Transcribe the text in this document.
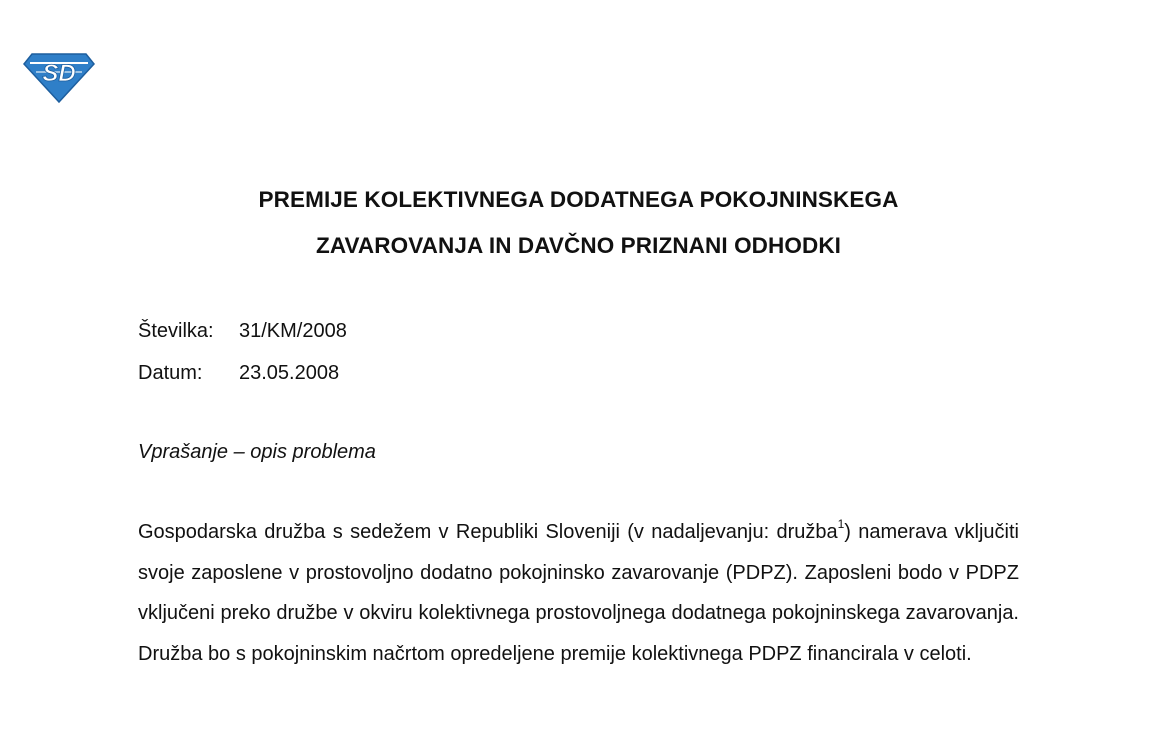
SD
PREMIJE KOLEKTIVNEGA DODATNEGA POKOJNINSKEGA
ZAVAROVANJA IN DAVČNO PRIZNANI ODHODKI
Številka: 31/KM/2008
Datum: 23.05.2008
Vprašanje – opis problema
Gospodarska družba s sedežem v Republiki Sloveniji (v nadaljevanju: družba$^1$) namerava vključiti svoje zaposlene v prostovoljno dodatno pokojninsko zavarovanje (PDPZ). Zaposleni bodo v PDPZ vključeni preko družbe v okviru kolektivnega prostovoljnega dodatnega pokojninskega zavarovanja. Družba bo s pokojninskim načrtom opredeljene premije kolektivnega PDPZ financirala v celoti.
